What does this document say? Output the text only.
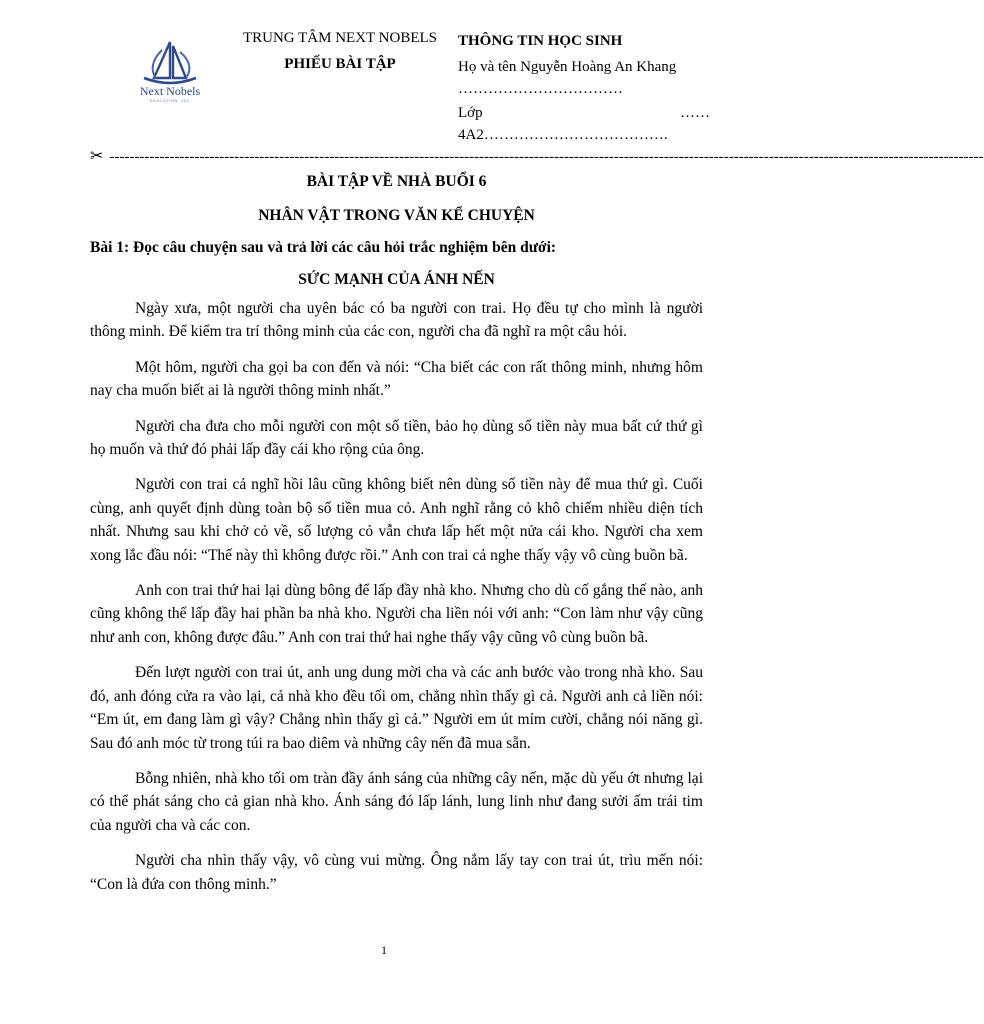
Next Nobels
EDUCATION, JSC
TRUNG TÂM NEXT NOBELS
PHIẾU BÀI TẬP
THÔNG TIN HỌC SINH
Họ và tên Nguyễn Hoàng An Khang
……………………………
Lớp	……
4A2……………………………….
✂ -------------------------------------------------------------------------------------------------------------------------------------------------------------------------------
BÀI TẬP VỀ NHÀ BUỔI 6
NHÂN VẬT TRONG VĂN KỂ CHUYỆN
Bài 1: Đọc câu chuyện sau và trả lời các câu hỏi trắc nghiệm bên dưới:
SỨC MẠNH CỦA ÁNH NẾN

Ngày xưa, một người cha uyên bác có ba người con trai. Họ đều tự cho mình là người thông minh. Để kiểm tra trí thông minh của các con, người cha đã nghĩ ra một câu hỏi.

Một hôm, người cha gọi ba con đến và nói: “Cha biết các con rất thông minh, nhưng hôm nay cha muốn biết ai là người thông minh nhất.”

Người cha đưa cho mỗi người con một số tiền, bảo họ dùng số tiền này mua bất cứ thứ gì họ muốn và thứ đó phải lấp đầy cái kho rộng của ông.

Người con trai cả nghĩ hồi lâu cũng không biết nên dùng số tiền này để mua thứ gì. Cuối cùng, anh quyết định dùng toàn bộ số tiền mua cỏ. Anh nghĩ rằng cỏ khô chiếm nhiều diện tích nhất. Nhưng sau khi chở cỏ về, số lượng cỏ vẫn chưa lấp hết một nửa cái kho. Người cha xem xong lắc đầu nói: “Thế này thì không được rồi.” Anh con trai cả nghe thấy vậy vô cùng buồn bã.

Anh con trai thứ hai lại dùng bông để lấp đầy nhà kho. Nhưng cho dù cố gắng thế nào, anh cũng không thể lấp đầy hai phần ba nhà kho. Người cha liền nói với anh: “Con làm như vậy cũng như anh con, không được đâu.” Anh con trai thứ hai nghe thấy vậy cũng vô cùng buồn bã.

Đến lượt người con trai út, anh ung dung mời cha và các anh bước vào trong nhà kho. Sau đó, anh đóng cửa ra vào lại, cả nhà kho đều tối om, chẳng nhìn thấy gì cả. Người anh cả liền nói: “Em út, em đang làm gì vậy? Chẳng nhìn thấy gì cả.” Người em út mỉm cười, chẳng nói năng gì. Sau đó anh móc từ trong túi ra bao diêm và những cây nến đã mua sẵn.

Bỗng nhiên, nhà kho tối om tràn đầy ánh sáng của những cây nến, mặc dù yếu ớt nhưng lại có thể phát sáng cho cả gian nhà kho. Ánh sáng đó lấp lánh, lung linh như đang sưởi ấm trái tim của người cha và các con.

Người cha nhìn thấy vậy, vô cùng vui mừng. Ông nắm lấy tay con trai út, trìu mến nói: “Con là đứa con thông minh.”

1
